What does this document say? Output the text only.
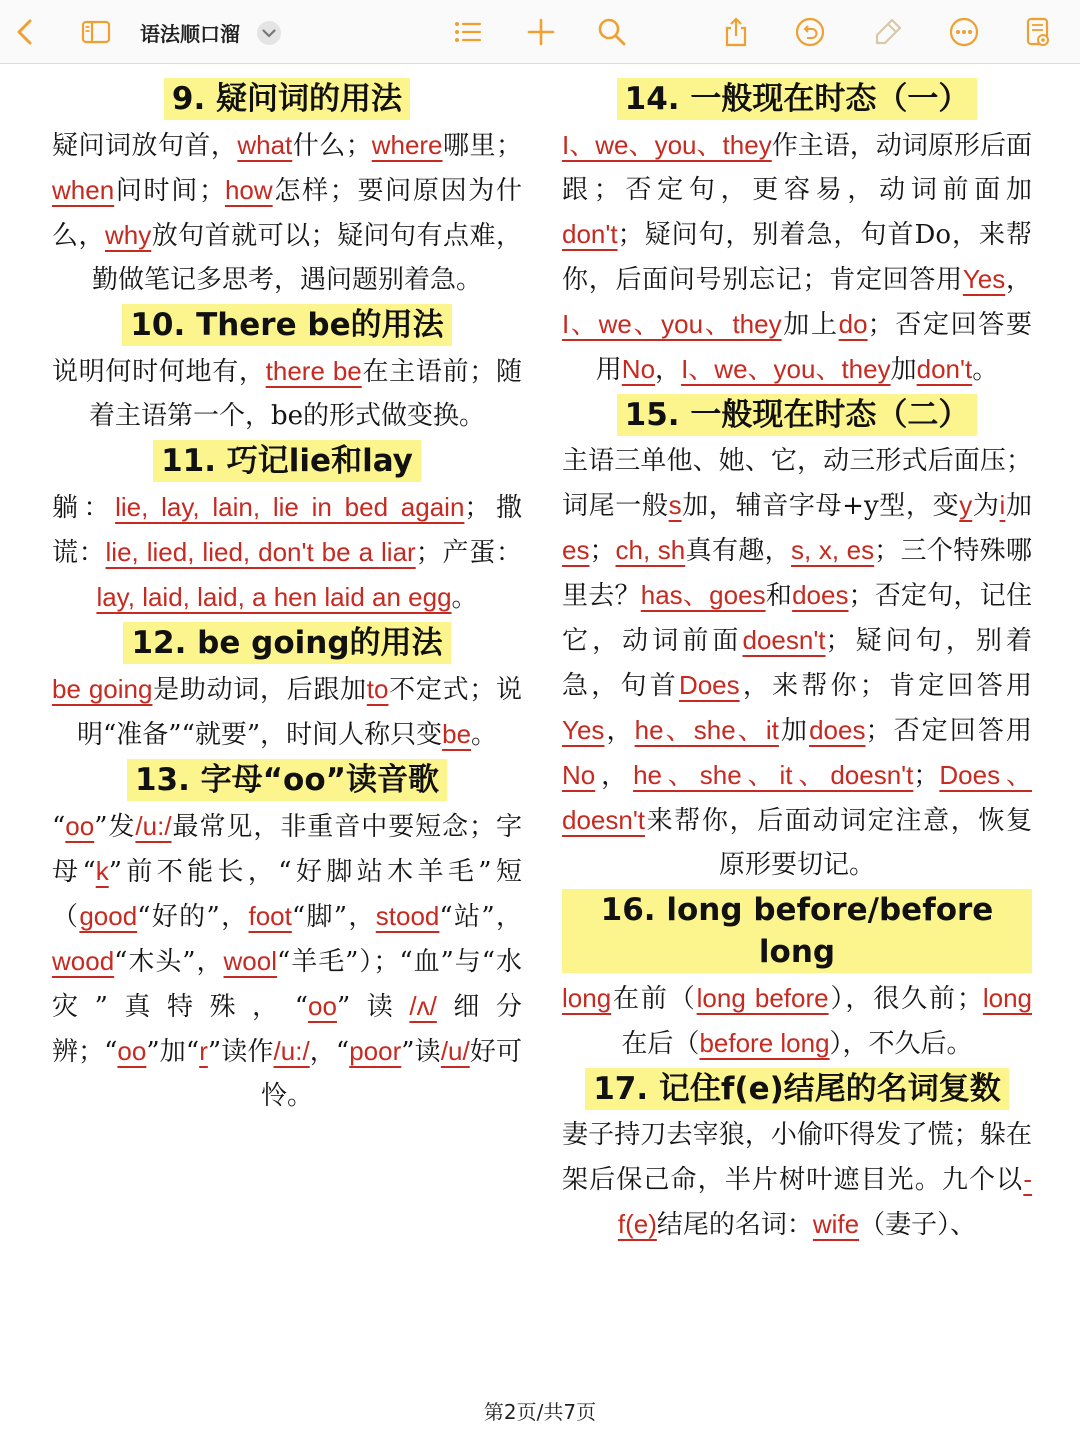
语法顺口溜
9. 疑问词的用法

疑问词放句首，what什么；where哪里；when问时间；how怎样；要问原因为什么，why放句首就可以；疑问句有点难，勤做笔记多思考，遇问题别着急。

10. There be的用法

说明何时何地有，there be在主语前；随着主语第一个，be的形式做变换。

11. 巧记lie和lay

躺：lie, lay, lain, lie in bed again；撒谎：lie, lied, lied, don't be a liar；产蛋：lay, laid, laid, a hen laid an egg。

12. be going的用法

be going是助动词，后跟加to不定式；说明“准备”“就要”，时间人称只变be。

13. 字母“oo”读音歌

“oo”发/u:/最常见，非重音中要短念；字母“k”前不能长，“好脚站木羊毛”短（good“好的”，foot“脚”，stood“站”，wood“木头”，wool“羊毛”）；“血”与“水灾”真特殊，“oo”读/ʌ/细分辨；“oo”加“r”读作/u:/，“poor”读/u/好可怜。

14. 一般现在时态（一）

I、we、you、they作主语，动词原形后面跟；否定句，更容易，动词前面加don't；疑问句，别着急，句首Do，来帮你，后面问号别忘记；肯定回答用Yes，I、we、you、they加上do；否定回答要用No，I、we、you、they加don't。

15. 一般现在时态（二）

主语三单他、她、它，动三形式后面压；词尾一般s加，辅音字母+y型，变y为i加es；ch, sh真有趣，s, x, es；三个特殊哪里去？has、goes和does；否定句，记住它，动词前面doesn't；疑问句，别着急，句首Does，来帮你；肯定回答用Yes，he、she、it加does；否定回答用No，he、she、it、doesn't；Does、doesn't来帮你，后面动词定注意，恢复原形要切记。

16. long before/before long

long在前（long before），很久前；long在后（before long），不久后。

17. 记住f(e)结尾的名词复数

妻子持刀去宰狼，小偷吓得发了慌；躲在架后保己命，半片树叶遮目光。九个以-f(e)结尾的名词：wife（妻子）、

第2页/共7页
